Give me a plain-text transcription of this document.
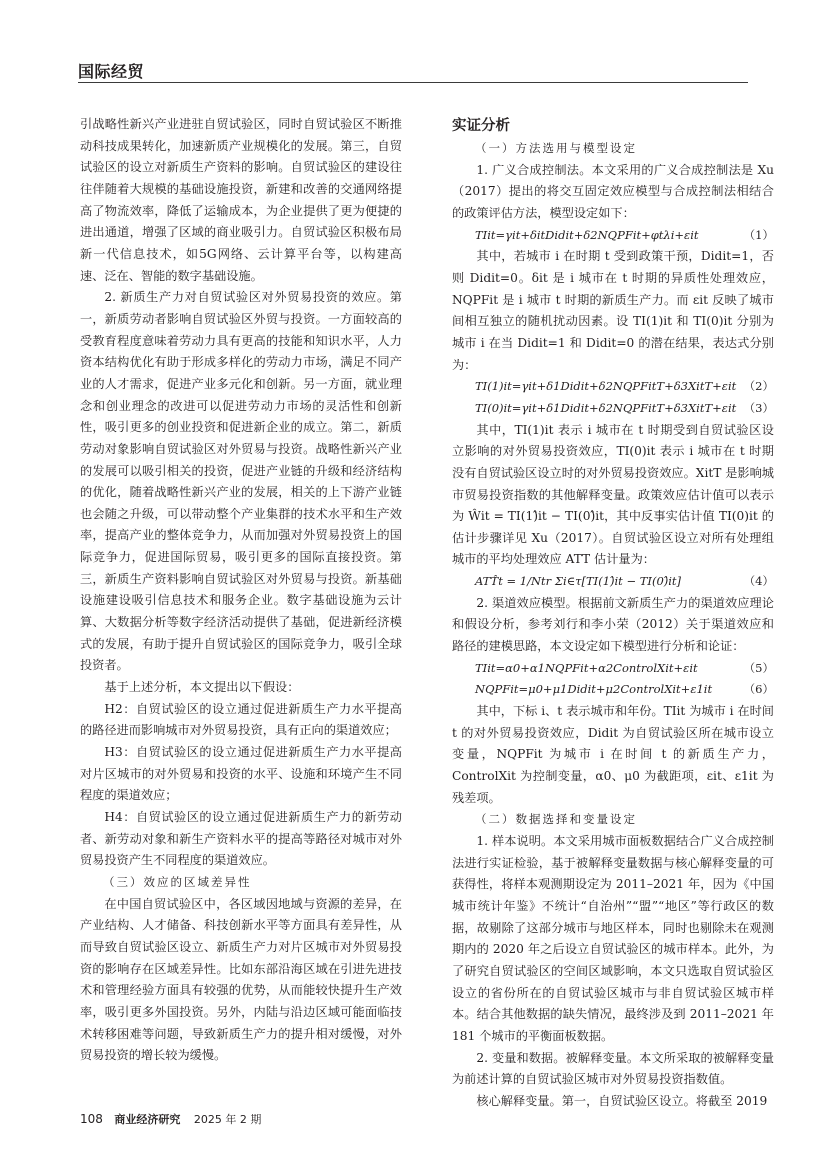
国际经贸

引战略性新兴产业进驻自贸试验区，同时自贸试验区不断推动科技成果转化，加速新质产业规模化的发展。第三，自贸试验区的设立对新质生产资料的影响。自贸试验区的建设往往伴随着大规模的基础设施投资，新建和改善的交通网络提高了物流效率，降低了运输成本，为企业提供了更为便捷的进出通道，增强了区域的商业吸引力。自贸试验区积极布局新一代信息技术，如5G网络、云计算平台等，以构建高速、泛在、智能的数字基础设施。

2. 新质生产力对自贸试验区对外贸易投资的效应。第一，新质劳动者影响自贸试验区外贸与投资。一方面较高的受教育程度意味着劳动力具有更高的技能和知识水平，人力资本结构优化有助于形成多样化的劳动力市场，满足不同产业的人才需求，促进产业多元化和创新。另一方面，就业理念和创业理念的改进可以促进劳动力市场的灵活性和创新性，吸引更多的创业投资和促进新企业的成立。第二，新质劳动对象影响自贸试验区对外贸易与投资。战略性新兴产业的发展可以吸引相关的投资，促进产业链的升级和经济结构的优化，随着战略性新兴产业的发展，相关的上下游产业链也会随之升级，可以带动整个产业集群的技术水平和生产效率，提高产业的整体竞争力，从而加强对外贸易投资上的国际竞争力，促进国际贸易，吸引更多的国际直接投资。第三，新质生产资料影响自贸试验区对外贸易与投资。新基础设施建设吸引信息技术和服务企业。数字基础设施为云计算、大数据分析等数字经济活动提供了基础，促进新经济模式的发展，有助于提升自贸试验区的国际竞争力，吸引全球投资者。

基于上述分析，本文提出以下假设：

H2：自贸试验区的设立通过促进新质生产力水平提高的路径进而影响城市对外贸易投资，具有正向的渠道效应；

H3：自贸试验区的设立通过促进新质生产力水平提高对片区城市的对外贸易和投资的水平、设施和环境产生不同程度的渠道效应；

H4：自贸试验区的设立通过促进新质生产力的新劳动者、新劳动对象和新生产资料水平的提高等路径对城市对外贸易投资产生不同程度的渠道效应。

（三）效应的区域差异性

在中国自贸试验区中，各区域因地域与资源的差异，在产业结构、人才储备、科技创新水平等方面具有差异性，从而导致自贸试验区设立、新质生产力对片区城市对外贸易投资的影响存在区域差异性。比如东部沿海区域在引进先进技术和管理经验方面具有较强的优势，从而能较快提升生产效率，吸引更多外国投资。另外，内陆与沿边区域可能面临技术转移困难等问题，导致新质生产力的提升相对缓慢，对外贸易投资的增长较为缓慢。

实证分析

（一）方法选用与模型设定

1. 广义合成控制法。本文采用的广义合成控制法是 Xu（2017）提出的将交互固定效应模型与合成控制法相结合的政策评估方法，模型设定如下：

TIit=γit+δitDidit+δ2NQPFit+φtλi+εit	（1）

其中，若城市 i 在时期 t 受到政策干预，Didit=1，否则 Didit=0。δit 是 i 城市在 t 时期的异质性处理效应，NQPFit 是 i 城市 t 时期的新质生产力。而 εit 反映了城市间相互独立的随机扰动因素。设 TI(1)it 和 TI(0)it 分别为城市 i 在当 Didit=1 和 Didit=0 的潜在结果，表达式分别为：

TI(1)it=γit+δ1Didit+δ2NQPFitT+δ3XitT+εit （2）
TI(0)it=γit+δ1Didit+δ2NQPFitT+δ3XitT+εit （3）

其中，TI(1)it 表示 i 城市在 t 时期受到自贸试验区设立影响的对外贸易投资效应，TI(0)it 表示 i 城市在 t 时期没有自贸试验区设立时的对外贸易投资效应。XitT 是影响城市贸易投资指数的其他解释变量。政策效应估计值可以表示为 Ŵit = TI(1)̂it − TI(0)̂it，其中反事实估计值 TI(0)it 的估计步骤详见 Xu（2017）。自贸试验区设立对所有处理组城市的平均处理效应 ATT 估计量为：

ATT̂t = 1/Ntr Σi∈τ[TI(1)̂it − TI(0)̂it]	（4）

2. 渠道效应模型。根据前文新质生产力的渠道效应理论和假设分析，参考刘行和李小荣（2012）关于渠道效应和路径的建模思路，本文设定如下模型进行分析和论证：

TIit=α0+α1NQPFit+α2ControlXit+εit	（5）
NQPFit=μ0+μ1Didit+μ2ControlXit+ε1it	（6）

其中，下标 i、t 表示城市和年份。TIit 为城市 i 在时间 t 的对外贸易投资效应，Didit 为自贸试验区所在城市设立变量，NQPFit 为城市 i 在时间 t 的新质生产力， ControlXit 为控制变量，α0、μ0 为截距项，εit、ε1it 为残差项。

（二）数据选择和变量设定

1. 样本说明。本文采用城市面板数据结合广义合成控制法进行实证检验，基于被解释变量数据与核心解释变量的可获得性，将样本观测期设定为 2011–2021 年，因为《中国城市统计年鉴》不统计“自治州”“盟”“地区”等行政区的数据，故剔除了这部分城市与地区样本，同时也剔除未在观测期内的 2020 年之后设立自贸试验区的城市样本。此外，为了研究自贸试验区的空间区域影响，本文只选取自贸试验区设立的省份所在的自贸试验区城市与非自贸试验区城市样本。结合其他数据的缺失情况，最终涉及到 2011–2021 年 181 个城市的平衡面板数据。

2. 变量和数据。被解释变量。本文所采取的被解释变量为前述计算的自贸试验区城市对外贸易投资指数值。

核心解释变量。第一，自贸试验区设立。将截至 2019

108 商业经济研究 2025 年 2 期
